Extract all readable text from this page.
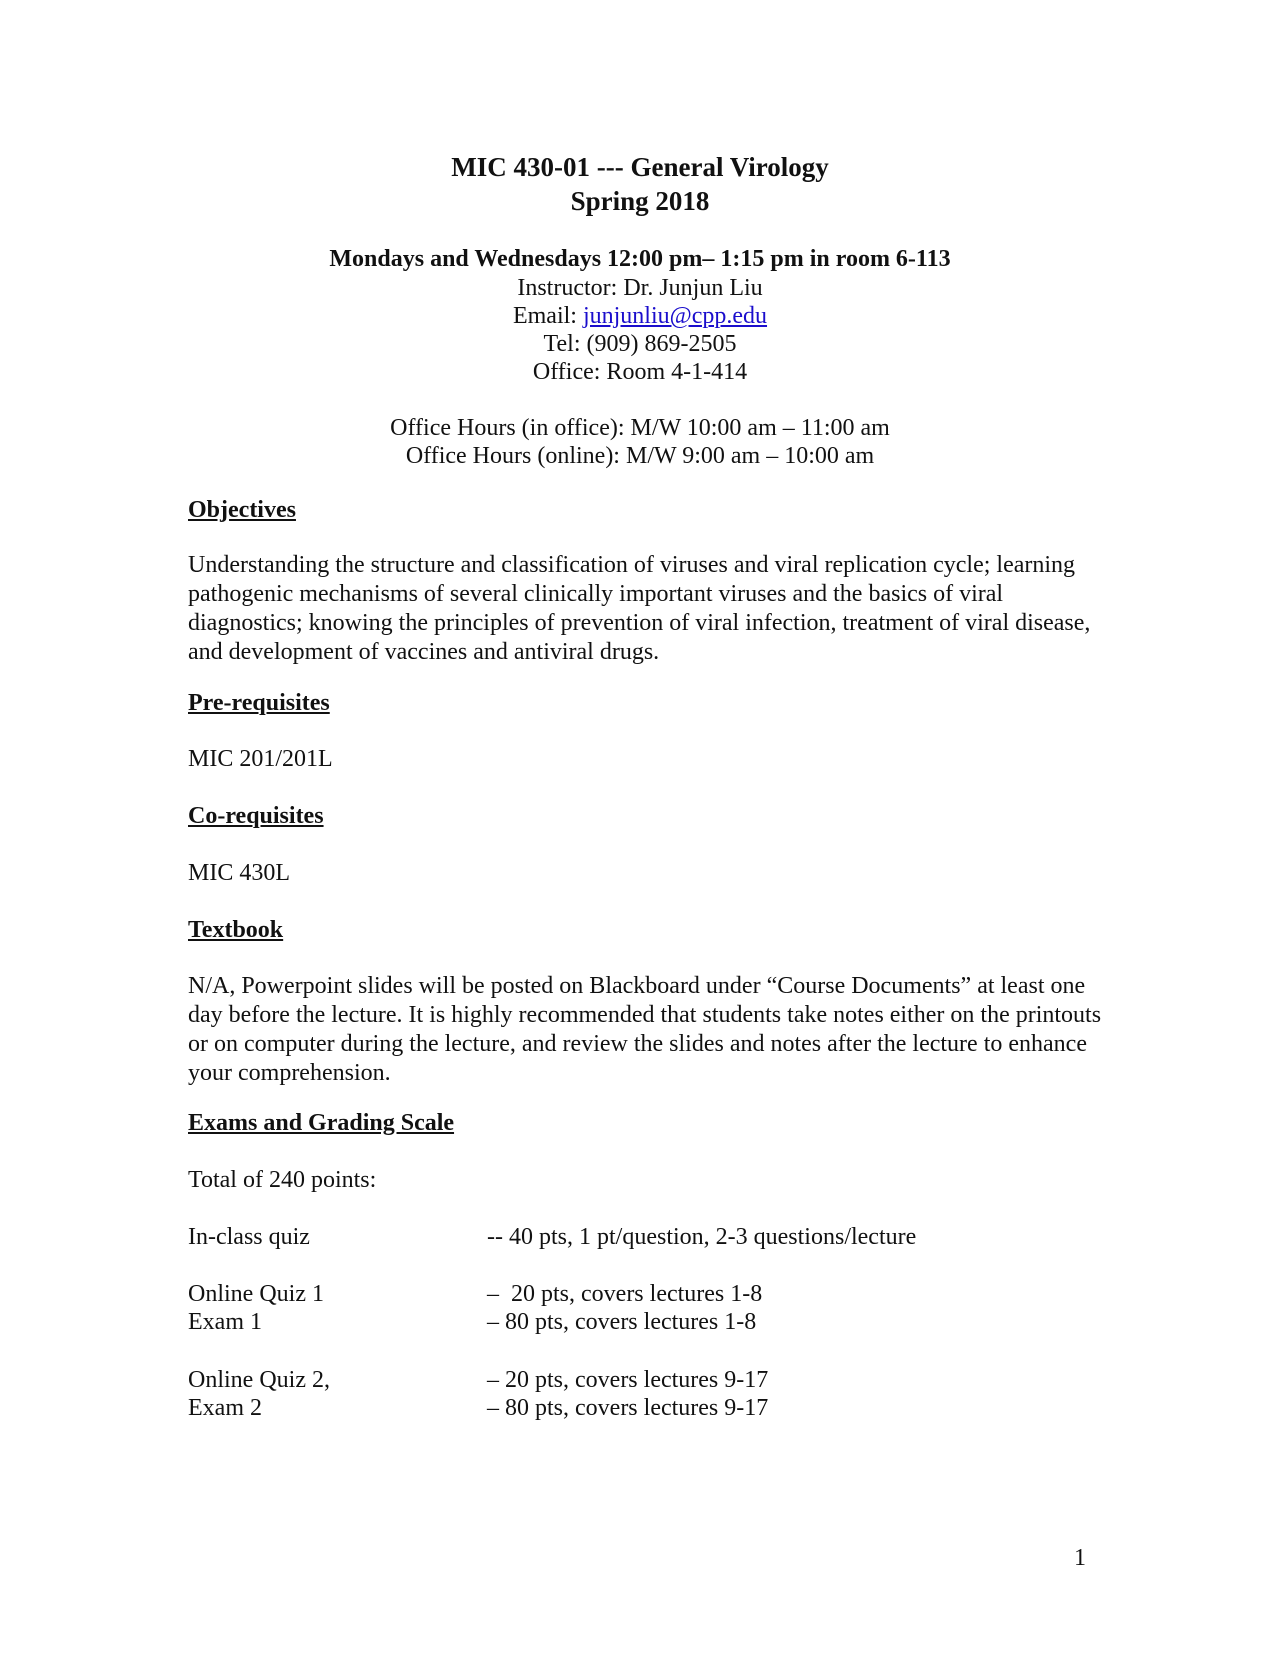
MIC 430-01 --- General Virology
Spring 2018
Mondays and Wednesdays 12:00 pm– 1:15 pm in room 6-113
Instructor: Dr. Junjun Liu
Email: junjunliu@cpp.edu
Tel: (909) 869-2505
Office: Room 4-1-414
Office Hours (in office): M/W 10:00 am – 11:00 am
Office Hours (online): M/W 9:00 am – 10:00 am
Objectives
Understanding the structure and classification of viruses and viral replication cycle; learning pathogenic mechanisms of several clinically important viruses and the basics of viral diagnostics; knowing the principles of prevention of viral infection, treatment of viral disease, and development of vaccines and antiviral drugs.
Pre-requisites
MIC 201/201L
Co-requisites
MIC 430L
Textbook
N/A, Powerpoint slides will be posted on Blackboard under “Course Documents” at least one day before the lecture. It is highly recommended that students take notes either on the printouts or on computer during the lecture, and review the slides and notes after the lecture to enhance your comprehension.
Exams and Grading Scale
Total of 240 points:
In-class quiz	-- 40 pts, 1 pt/question, 2-3 questions/lecture
Online Quiz 1	–  20 pts, covers lectures 1-8
Exam 1	– 80 pts, covers lectures 1-8
Online Quiz 2,	– 20 pts, covers lectures 9-17
Exam 2	– 80 pts, covers lectures 9-17
1
